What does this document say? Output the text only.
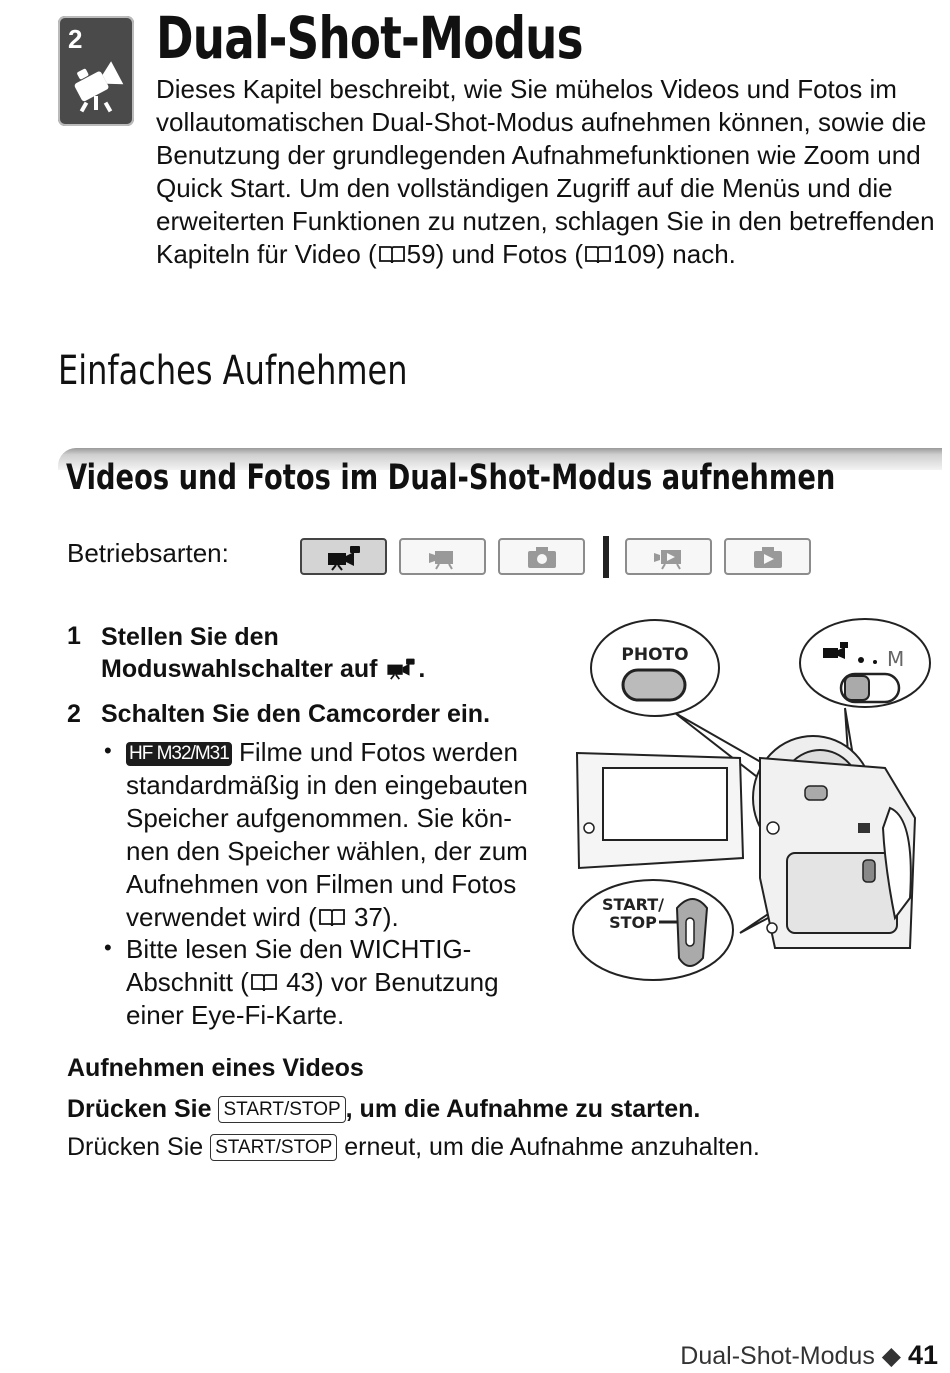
2 Dual-Shot-Modus

Dieses Kapitel beschreibt, wie Sie mühelos Videos und Fotos im vollautomatischen Dual-Shot-Modus aufnehmen können, sowie die Benutzung der grundlegenden Aufnahmefunktionen wie Zoom und Quick Start. Um den vollständigen Zugriff auf die Menüs und die erweiterten Funktionen zu nutzen, schlagen Sie in den betreffenden Kapiteln für Video ( 59) und Fotos ( 109) nach.

Einfaches Aufnehmen
Videos und Fotos im Dual-Shot-Modus aufnehmen
Betriebsarten:
1 Stellen Sie den
Moduswahlschalter auf .
2 Schalten Sie den Camcorder ein.
• HF M32/M31 Filme und Fotos werden
standardmäßig in den eingebauten
Speicher aufgenommen. Sie kön-
nen den Speicher wählen, der zum
Aufnehmen von Filmen und Fotos
verwendet wird ( 37).
• Bitte lesen Sie den WICHTIG-
Abschnitt ( 43) vor Benutzung
einer Eye-Fi-Karte.
PHOTO	M
START/
STOP
Aufnehmen eines Videos
Drücken Sie START/STOP , um die Aufnahme zu starten.
Drücken Sie START/STOP erneut, um die Aufnahme anzuhalten.
Dual-Shot-Modus ◆ 41
